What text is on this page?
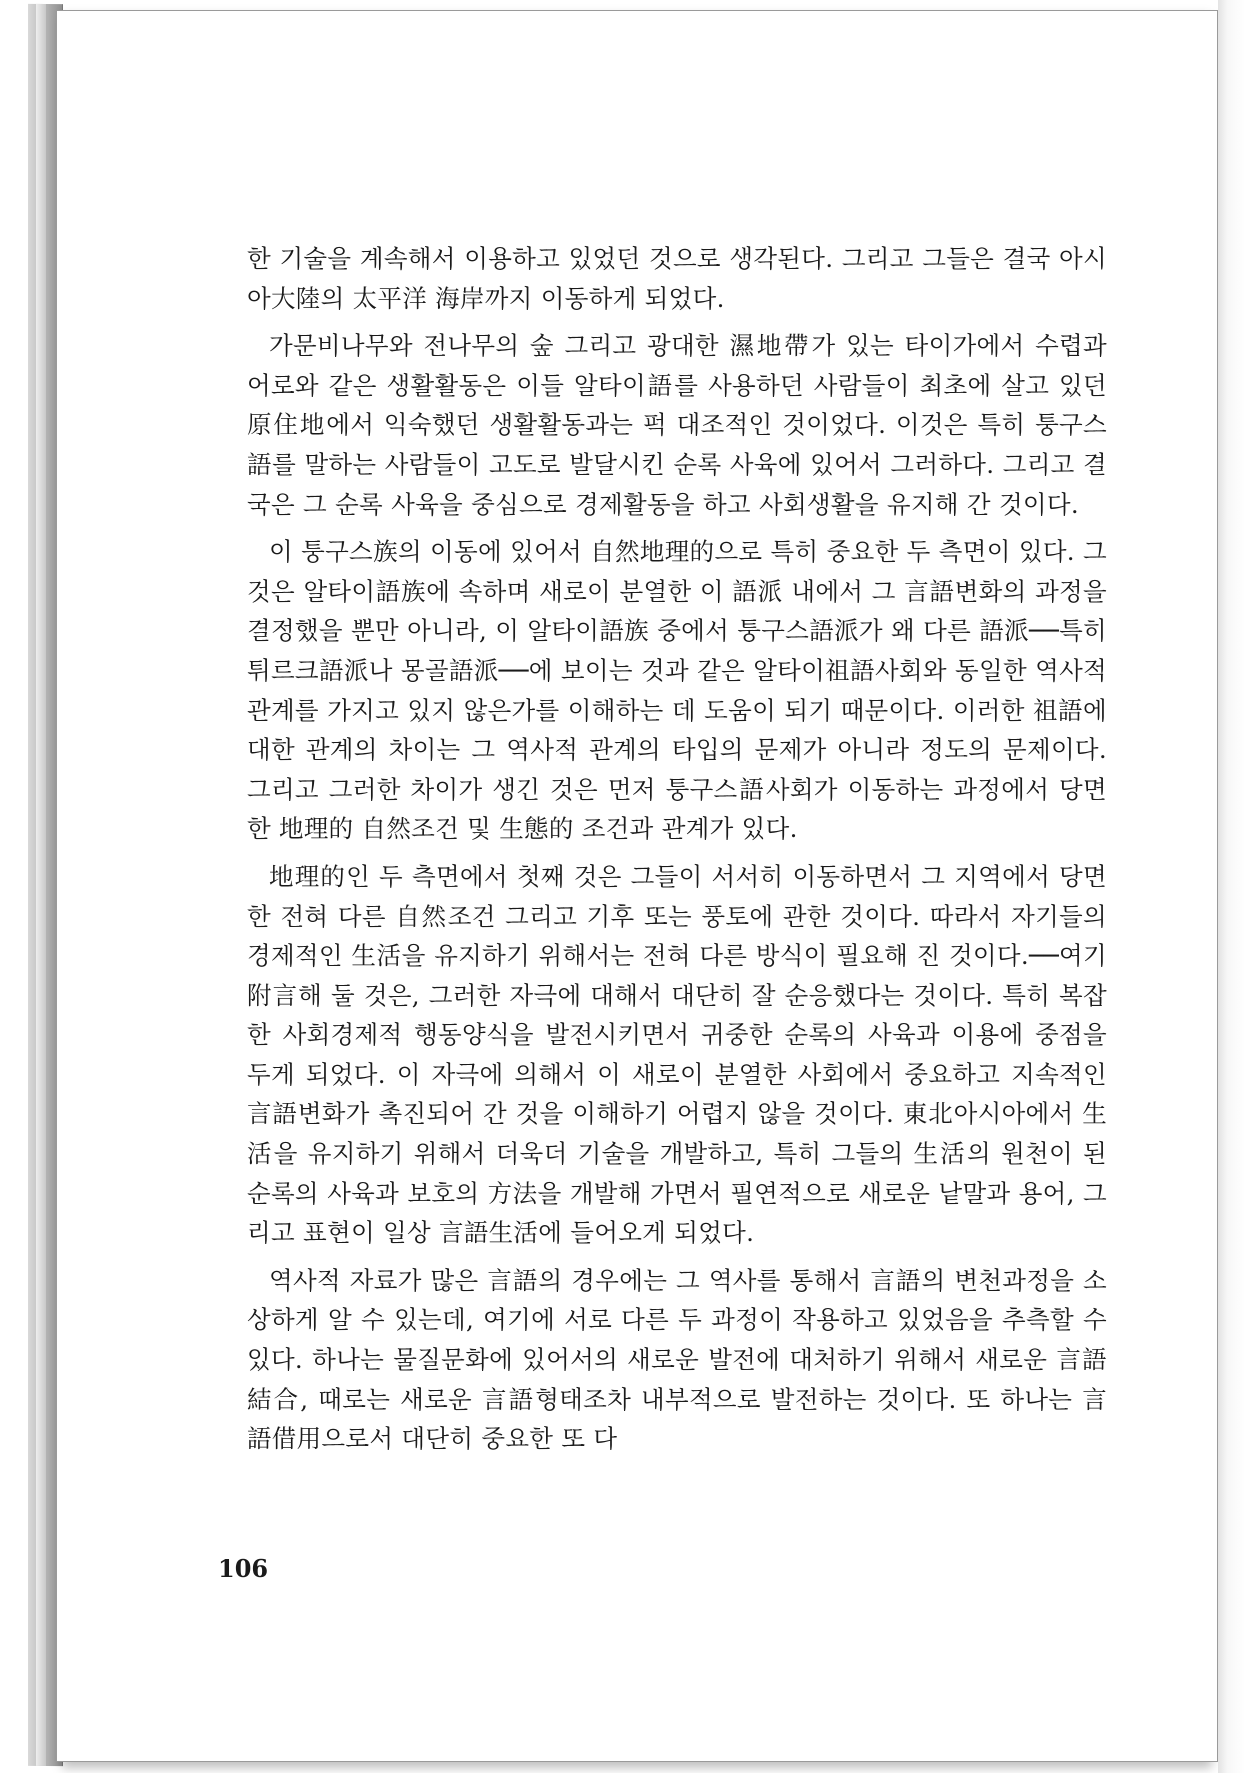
한 기술을 계속해서 이용하고 있었던 것으로 생각된다. 그리고 그들은 결국 아시아大陸의 太平洋 海岸까지 이동하게 되었다.

가문비나무와 전나무의 숲 그리고 광대한 濕地帶가 있는 타이가에서 수렵과 어로와 같은 생활활동은 이들 알타이語를 사용하던 사람들이 최초에 살고 있던 原住地에서 익숙했던 생활활동과는 퍽 대조적인 것이었다. 이것은 특히 퉁구스語를 말하는 사람들이 고도로 발달시킨 순록 사육에 있어서 그러하다. 그리고 결국은 그 순록 사육을 중심으로 경제활동을 하고 사회생활을 유지해 간 것이다.

이 퉁구스族의 이동에 있어서 自然地理的으로 특히 중요한 두 측면이 있다. 그것은 알타이語族에 속하며 새로이 분열한 이 語派 내에서 그 言語변화의 과정을 결정했을 뿐만 아니라, 이 알타이語族 중에서 퉁구스語派가 왜 다른 語派──특히 튀르크語派나 몽골語派──에 보이는 것과 같은 알타이祖語사회와 동일한 역사적 관계를 가지고 있지 않은가를 이해하는 데 도움이 되기 때문이다. 이러한 祖語에 대한 관계의 차이는 그 역사적 관계의 타입의 문제가 아니라 정도의 문제이다. 그리고 그러한 차이가 생긴 것은 먼저 퉁구스語사회가 이동하는 과정에서 당면한 地理的 自然조건 및 生態的 조건과 관계가 있다.

地理的인 두 측면에서 첫째 것은 그들이 서서히 이동하면서 그 지역에서 당면한 전혀 다른 自然조건 그리고 기후 또는 풍토에 관한 것이다. 따라서 자기들의 경제적인 生活을 유지하기 위해서는 전혀 다른 방식이 필요해 진 것이다.──여기 附言해 둘 것은, 그러한 자극에 대해서 대단히 잘 순응했다는 것이다. 특히 복잡한 사회경제적 행동양식을 발전시키면서 귀중한 순록의 사육과 이용에 중점을 두게 되었다. 이 자극에 의해서 이 새로이 분열한 사회에서 중요하고 지속적인 言語변화가 촉진되어 간 것을 이해하기 어렵지 않을 것이다. 東北아시아에서 生活을 유지하기 위해서 더욱더 기술을 개발하고, 특히 그들의 生活의 원천이 된 순록의 사육과 보호의 方法을 개발해 가면서 필연적으로 새로운 낱말과 용어, 그리고 표현이 일상 言語生活에 들어오게 되었다.

역사적 자료가 많은 言語의 경우에는 그 역사를 통해서 言語의 변천과정을 소상하게 알 수 있는데, 여기에 서로 다른 두 과정이 작용하고 있었음을 추측할 수 있다. 하나는 물질문화에 있어서의 새로운 발전에 대처하기 위해서 새로운 言語結合, 때로는 새로운 言語형태조차 내부적으로 발전하는 것이다. 또 하나는 言語借用으로서 대단히 중요한 또 다

106
